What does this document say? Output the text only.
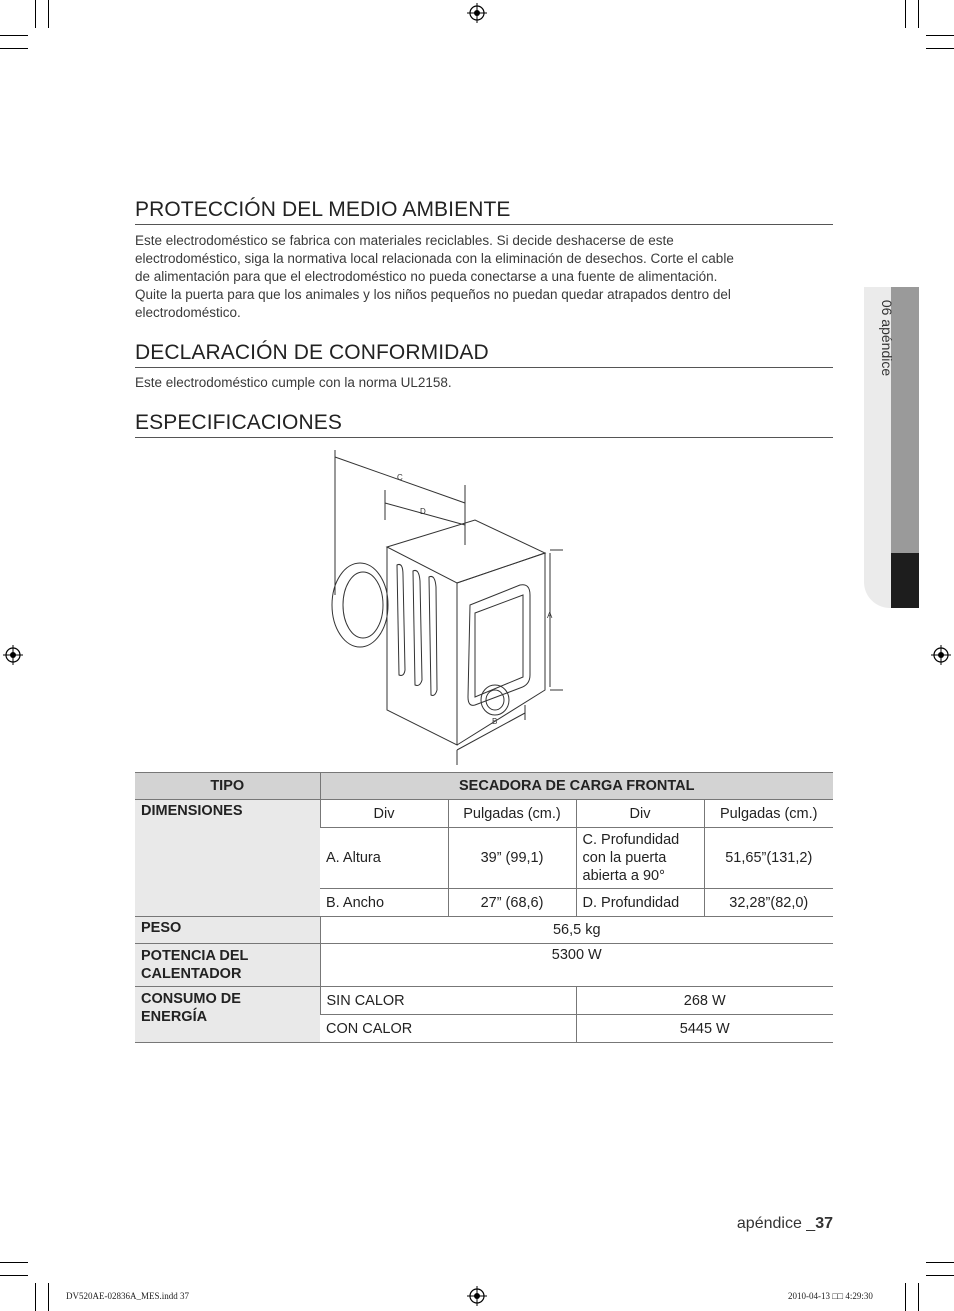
PROTECCIÓN DEL MEDIO AMBIENTE
Este electrodoméstico se fabrica con materiales reciclables. Si decide deshacerse de este
electrodoméstico, siga la normativa local relacionada con la eliminación de desechos. Corte el cable
de alimentación para que el electrodoméstico no pueda conectarse a una fuente de alimentación.
Quite la puerta para que los animales y los niños pequeños no puedan quedar atrapados dentro del
electrodoméstico.
DECLARACIÓN DE CONFORMIDAD
Este electrodoméstico cumple con la norma UL2158.
ESPECIFICACIONES
C
D
A
B
TIPO	SECADORA DE CARGA FRONTAL			
DIMENSIONES	Div	Pulgadas (cm.)	Div	Pulgadas (cm.)
	A. Altura	39” (99,1)	C. Profundidad
con la puerta
abierta a 90°	51,65”(131,2)
	B. Ancho	27” (68,6)	D. Profundidad	32,28”(82,0)
PESO	56,5 kg			

POTENCIA DEL
CALENTADOR	5300 W			

CONSUMO DE
ENERGÍA	SIN CALOR		268 W	
	CON CALOR		5445 W	
06 apéndice
apéndice _37
DV520AE-02836A_MES.indd 37	2010-04-13 □□ 4:29:30
